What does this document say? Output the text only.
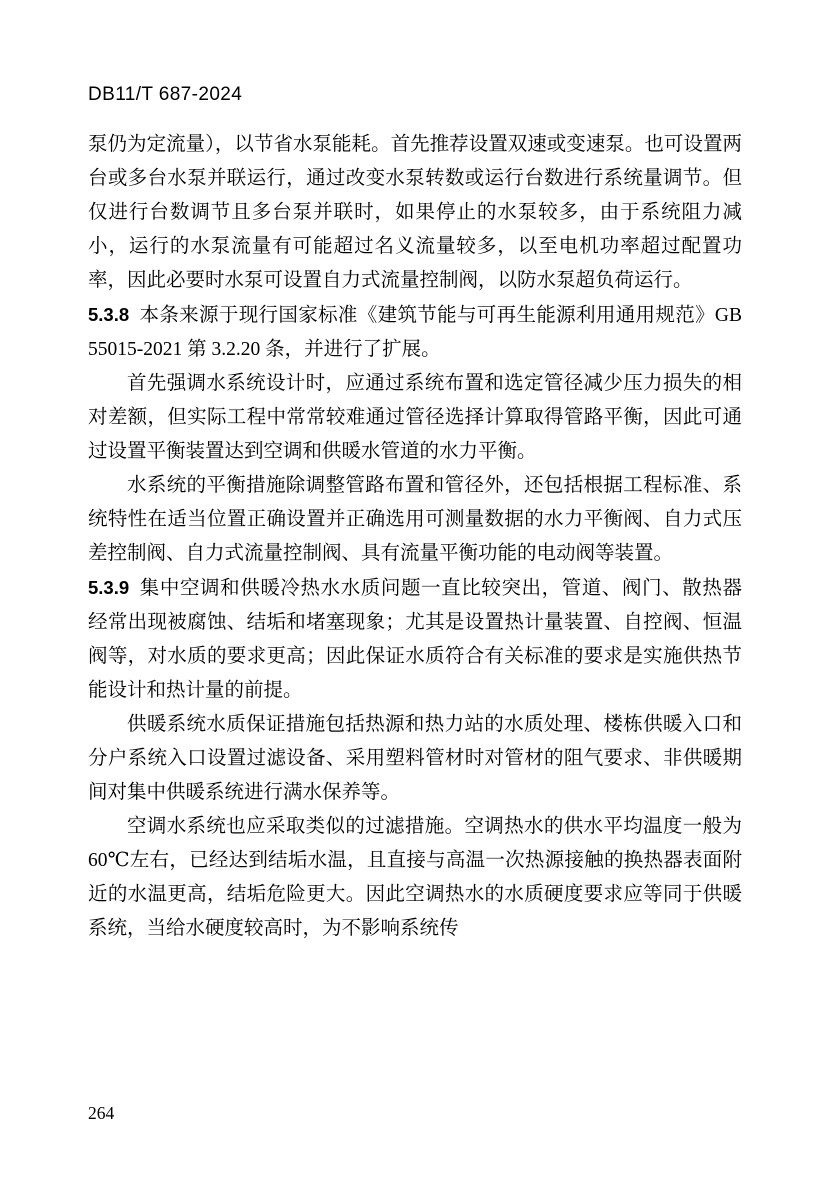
DB11/T 687-2024

泵仍为定流量），以节省水泵能耗。首先推荐设置双速或变速泵。也可设置两台或多台水泵并联运行，通过改变水泵转数或运行台数进行系统量调节。但仅进行台数调节且多台泵并联时，如果停止的水泵较多，由于系统阻力减小，运行的水泵流量有可能超过名义流量较多，以至电机功率超过配置功率，因此必要时水泵可设置自力式流量控制阀，以防水泵超负荷运行。

5.3.8 本条来源于现行国家标准《建筑节能与可再生能源利用通用规范》GB 55015-2021 第 3.2.20 条，并进行了扩展。

首先强调水系统设计时，应通过系统布置和选定管径减少压力损失的相对差额，但实际工程中常常较难通过管径选择计算取得管路平衡，因此可通过设置平衡装置达到空调和供暖水管道的水力平衡。

水系统的平衡措施除调整管路布置和管径外，还包括根据工程标准、系统特性在适当位置正确设置并正确选用可测量数据的水力平衡阀、自力式压差控制阀、自力式流量控制阀、具有流量平衡功能的电动阀等装置。

5.3.9 集中空调和供暖冷热水水质问题一直比较突出，管道、阀门、散热器经常出现被腐蚀、结垢和堵塞现象；尤其是设置热计量装置、自控阀、恒温阀等，对水质的要求更高；因此保证水质符合有关标准的要求是实施供热节能设计和热计量的前提。

供暖系统水质保证措施包括热源和热力站的水质处理、楼栋供暖入口和分户系统入口设置过滤设备、采用塑料管材时对管材的阻气要求、非供暖期间对集中供暖系统进行满水保养等。

空调水系统也应采取类似的过滤措施。空调热水的供水平均温度一般为 60℃左右，已经达到结垢水温，且直接与高温一次热源接触的换热器表面附近的水温更高，结垢危险更大。因此空调热水的水质硬度要求应等同于供暖系统，当给水硬度较高时，为不影响系统传

264
